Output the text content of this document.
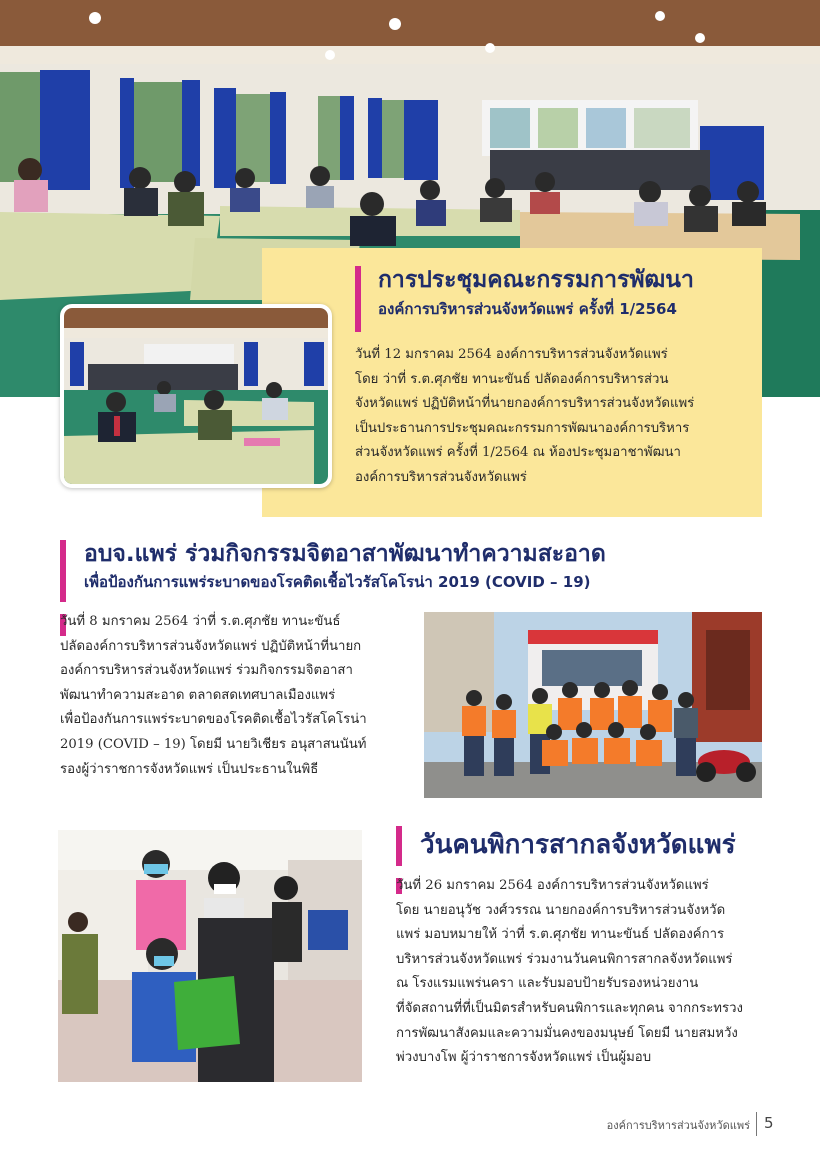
การประชุมคณะกรรมการพัฒนา
องค์การบริหารส่วนจังหวัดแพร่ ครั้งที่ 1/2564
วันที่ 12 มกราคม 2564 องค์การบริหารส่วนจังหวัดแพร่
โดย ว่าที่ ร.ต.ศุภชัย ทานะขันธ์ ปลัดองค์การบริหารส่วน
จังหวัดแพร่ ปฏิบัติหน้าที่นายกองค์การบริหารส่วนจังหวัดแพร่
เป็นประธานการประชุมคณะกรรมการพัฒนาองค์การบริหาร
ส่วนจังหวัดแพร่ ครั้งที่ 1/2564 ณ ห้องประชุมอาชาพัฒนา
องค์การบริหารส่วนจังหวัดแพร่
อบจ.แพร่ ร่วมกิจกรรมจิตอาสาพัฒนาทำความสะอาด
เพื่อป้องกันการแพร่ระบาดของโรคติดเชื้อไวรัสโคโรน่า 2019 (COVID – 19)
วันที่ 8 มกราคม 2564 ว่าที่ ร.ต.ศุภชัย ทานะขันธ์
ปลัดองค์การบริหารส่วนจังหวัดแพร่ ปฏิบัติหน้าที่นายก
องค์การบริหารส่วนจังหวัดแพร่ ร่วมกิจกรรมจิตอาสา
พัฒนาทำความสะอาด ตลาดสดเทศบาลเมืองแพร่
เพื่อป้องกันการแพร่ระบาดของโรคติดเชื้อไวรัสโคโรน่า
2019 (COVID – 19) โดยมี นายวิเชียร อนุสาสนนันท์
รองผู้ว่าราชการจังหวัดแพร่ เป็นประธานในพิธี
วันคนพิการสากลจังหวัดแพร่
วันที่ 26 มกราคม 2564 องค์การบริหารส่วนจังหวัดแพร่
โดย นายอนุวัช วงศ์วรรณ นายกองค์การบริหารส่วนจังหวัด
แพร่ มอบหมายให้ ว่าที่ ร.ต.ศุภชัย ทานะขันธ์ ปลัดองค์การ
บริหารส่วนจังหวัดแพร่ ร่วมงานวันคนพิการสากลจังหวัดแพร่
ณ โรงแรมแพร่นครา และรับมอบป้ายรับรองหน่วยงาน
ที่จัดสถานที่ที่เป็นมิตรสำหรับคนพิการและทุกคน จากกระทรวง
การพัฒนาสังคมและความมั่นคงของมนุษย์ โดยมี นายสมหวัง
พ่วงบางโพ ผู้ว่าราชการจังหวัดแพร่ เป็นผู้มอบ
องค์การบริหารส่วนจังหวัดแพร่ 5
